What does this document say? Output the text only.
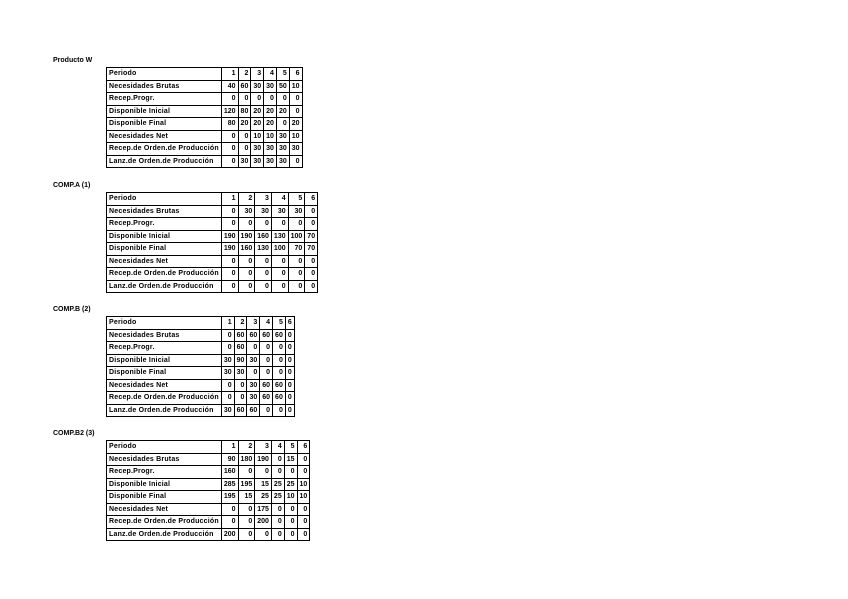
Producto W
Periodo	1	2	3	4	5	6
Necesidades Brutas	40	60	30	30	50	10
Recep.Progr.	0	0	0	0	0	0
Disponible Inicial	120	80	20	20	20	0
Disponible Final	80	20	20	20	0	20
Necesidades Net	0	0	10	10	30	10
Recep.de Orden.de Producción	0	0	30	30	30	30
Lanz.de Orden.de Producción	0	30	30	30	30	0
COMP.A (1)
Periodo	1	2	3	4	5	6
Necesidades Brutas	0	30	30	30	30	0
Recep.Progr.	0	0	0	0	0	0
Disponible Inicial	190	190	160	130	100	70
Disponible Final	190	160	130	100	70	70
Necesidades Net	0	0	0	0	0	0
Recep.de Orden.de Producción	0	0	0	0	0	0
Lanz.de Orden.de Producción	0	0	0	0	0	0
COMP.B (2)
Periodo	1	2	3	4	5	6
Necesidades Brutas	0	60	60	60	60	0
Recep.Progr.	0	60	0	0	0	0
Disponible Inicial	30	90	30	0	0	0
Disponible Final	30	30	0	0	0	0
Necesidades Net	0	0	30	60	60	0
Recep.de Orden.de Producción	0	0	30	60	60	0
Lanz.de Orden.de Producción	30	60	60	0	0	0
COMP.B2 (3)
Periodo	1	2	3	4	5	6
Necesidades Brutas	90	180	190	0	15	0
Recep.Progr.	160	0	0	0	0	0
Disponible Inicial	285	195	15	25	25	10
Disponible Final	195	15	25	25	10	10
Necesidades Net	0	0	175	0	0	0
Recep.de Orden.de Producción	0	0	200	0	0	0
Lanz.de Orden.de Producción	200	0	0	0	0	0
